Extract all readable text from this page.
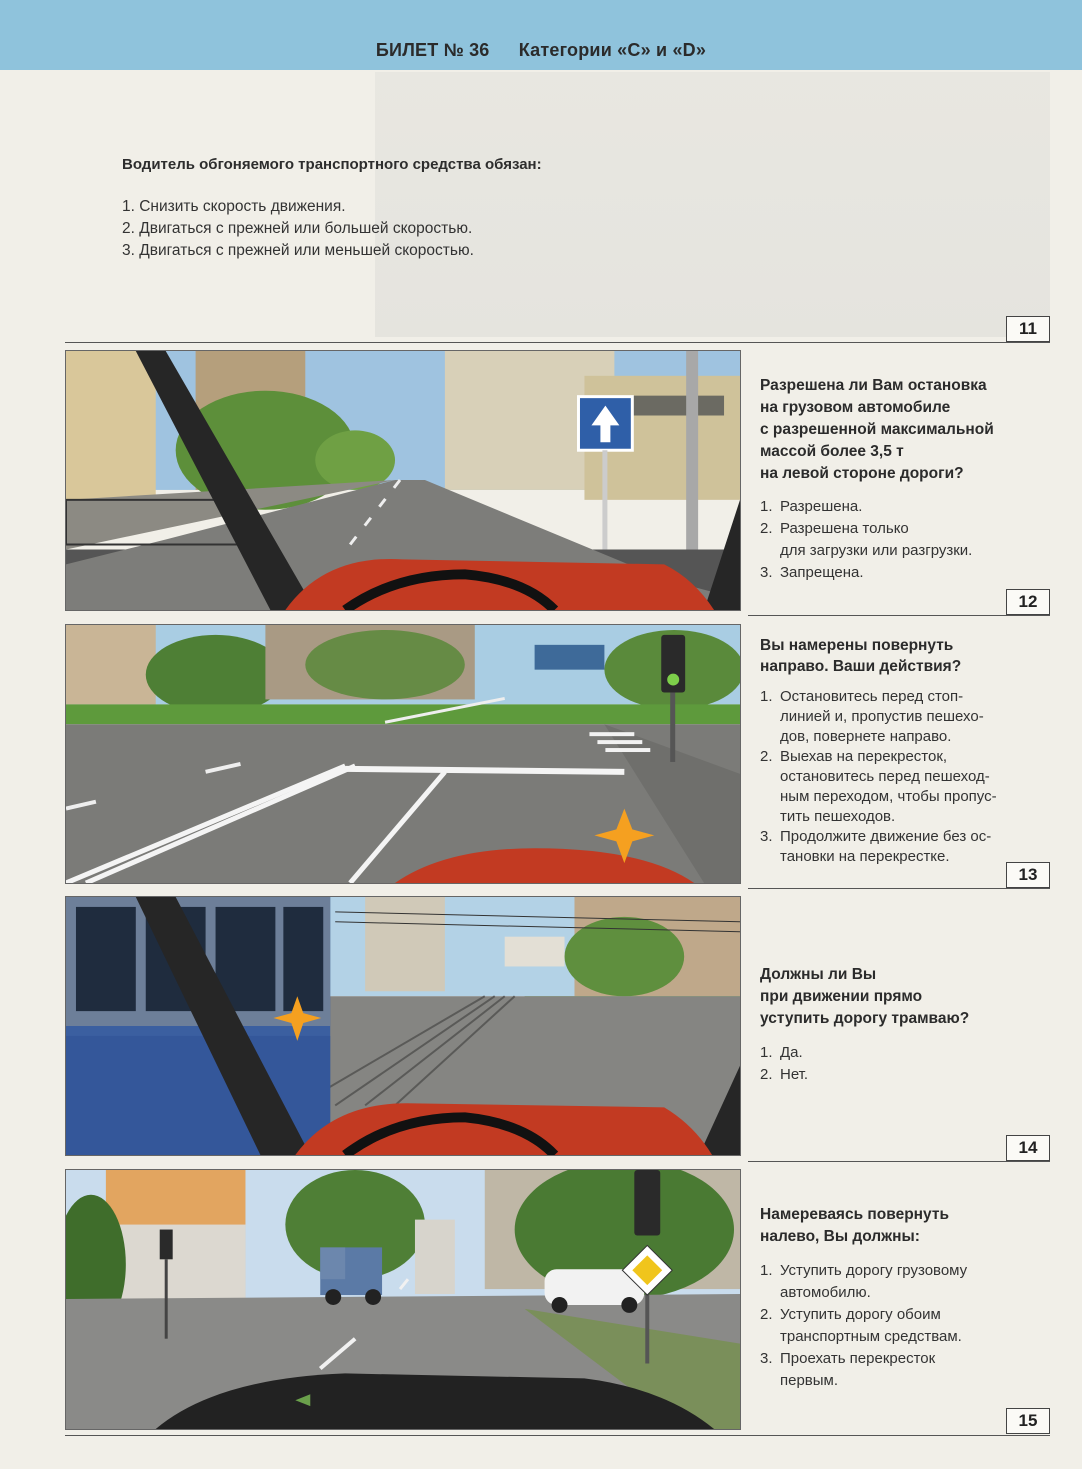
БИЛЕТ № 36 Категории «С» и «D»
Водитель обгоняемого транспортного средства обязан:
1. Снизить скорость движения.
2. Двигаться с прежней или большей скоростью.
3. Двигаться с прежней или меньшей скоростью.
11
Разрешена ли Вам остановка
на грузовом автомобиле
с разрешенной максимальной
массой более 3,5 т
на левой стороне дороги?
1. Разрешена.
2. Разрешена только
для загрузки или разгрузки.
3. Запрещена.
12
Вы намерены повернуть
направо. Ваши действия?
1. Остановитесь перед стоп-
линией и, пропустив пешехо-
дов, повернете направо.
2. Выехав на перекресток,
остановитесь перед пешеход-
ным переходом, чтобы пропус-
тить пешеходов.
3. Продолжите движение без ос-
тановки на перекрестке.
13
Должны ли Вы
при движении прямо
уступить дорогу трамваю?
1. Да.
2. Нет.
14
Намереваясь повернуть
налево, Вы должны:
1. Уступить дорогу грузовому
автомобилю.
2. Уступить дорогу обоим
транспортным средствам.
3. Проехать перекресток
первым.
15
